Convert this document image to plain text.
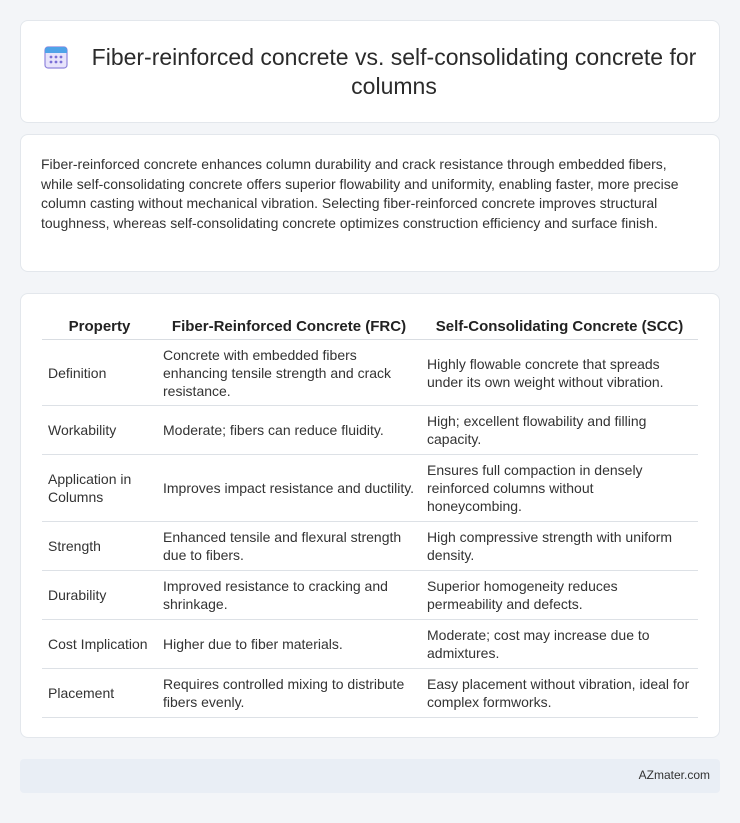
Fiber-reinforced concrete vs. self-consolidating concrete for columns

Fiber-reinforced concrete enhances column durability and crack resistance through embedded fibers, while self-consolidating concrete offers superior flowability and uniformity, enabling faster, more precise column casting without mechanical vibration. Selecting fiber-reinforced concrete improves structural toughness, whereas self-consolidating concrete optimizes construction efficiency and surface finish.

Property	Fiber-Reinforced Concrete (FRC)	Self-Consolidating Concrete (SCC)
Definition	Concrete with embedded fibers enhancing tensile strength and crack resistance.	Highly flowable concrete that spreads under its own weight without vibration.
Workability	Moderate; fibers can reduce fluidity.	High; excellent flowability and filling capacity.
Application in Columns	Improves impact resistance and ductility.	Ensures full compaction in densely reinforced columns without honeycombing.
Strength	Enhanced tensile and flexural strength due to fibers.	High compressive strength with uniform density.
Durability	Improved resistance to cracking and shrinkage.	Superior homogeneity reduces permeability and defects.
Cost Implication	Higher due to fiber materials.	Moderate; cost may increase due to admixtures.
Placement	Requires controlled mixing to distribute fibers evenly.	Easy placement without vibration, ideal for complex formworks.
AZmater.com
